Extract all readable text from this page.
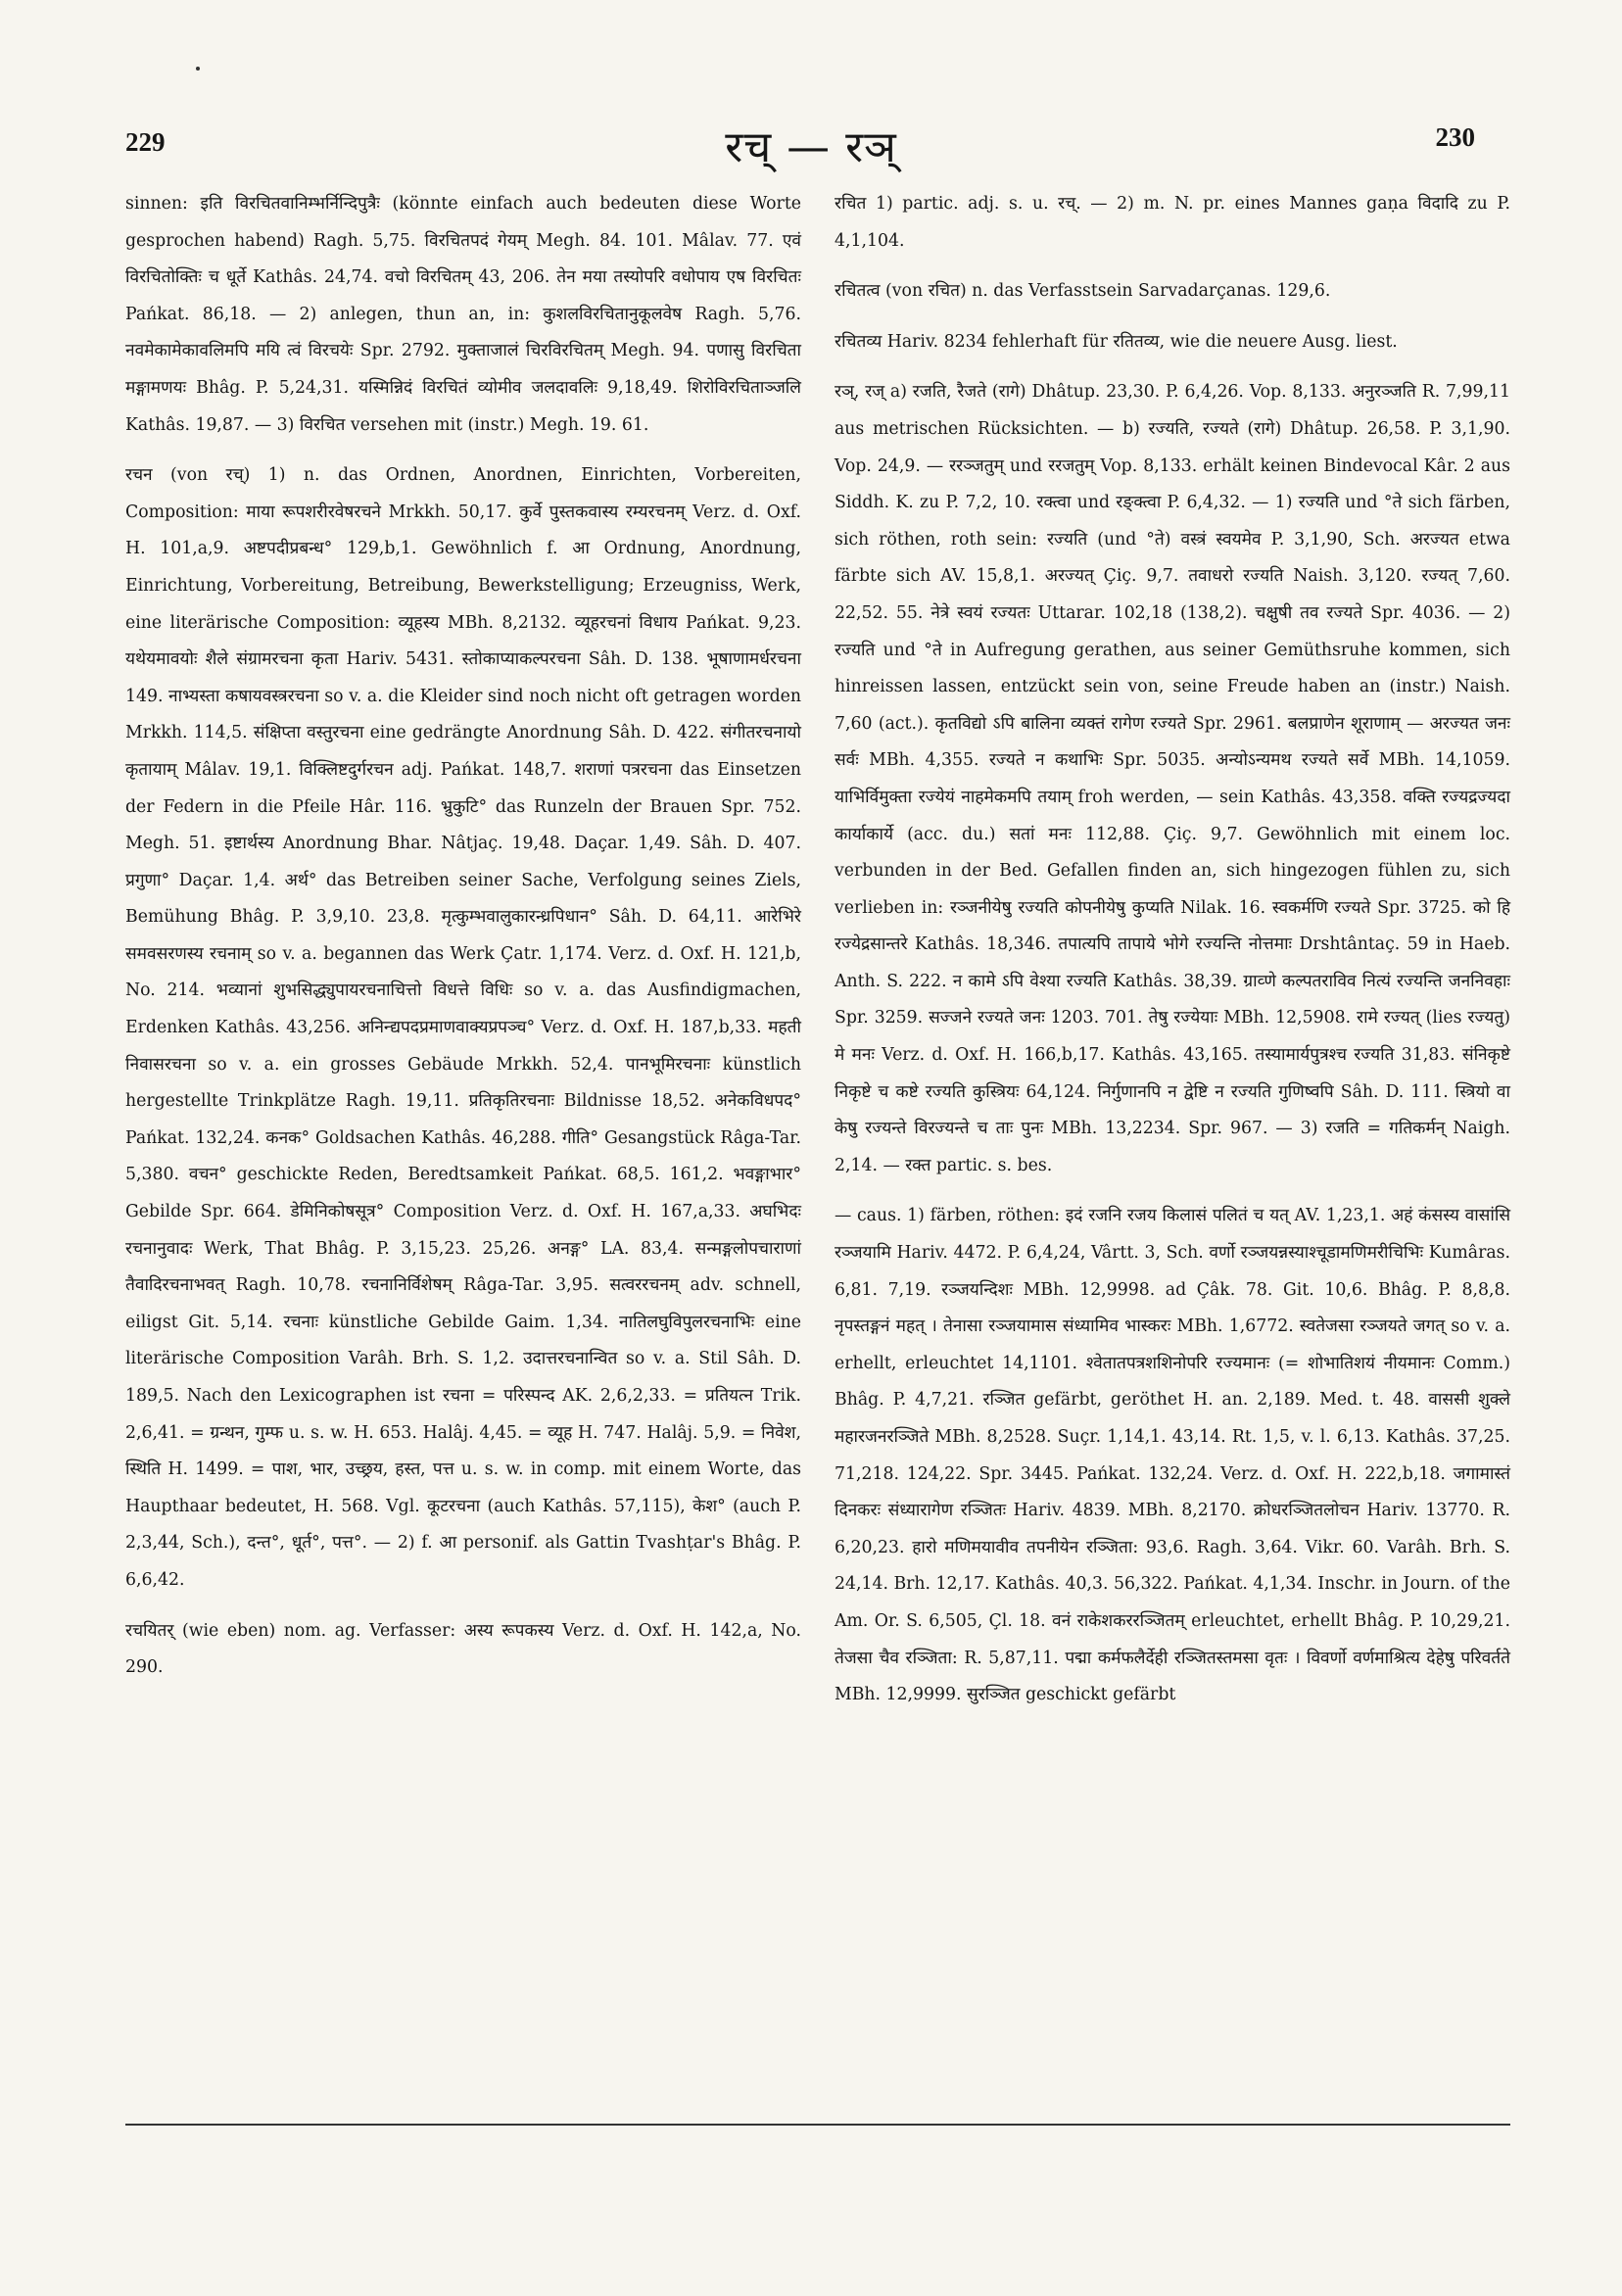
229	रच् — रञ्	230

sinnen: इति विरचितवानिम्भर्निन्दिपुत्रैः (könnte einfach auch bedeuten diese Worte gesprochen habend) Ragh. 5,75. विरचितपदं गेयम् Megh. 84. 101. Mâlav. 77. एवं विरचितोक्तिः च धूर्ते Kathâs. 24,74. वचो विरचितम् 43, 206. तेन मया तस्योपरि वधोपाय एष विरचितः Pańkat. 86,18. — 2) anlegen, thun an, in: कुशलविरचितानुकूलवेष Ragh. 5,76. नवमेकामेकावलिमपि मयि त्वं विरचयेः Spr. 2792. मुक्ताजालं चिरविरचितम् Megh. 94. पणासु विरचिता मङ्गामणयः Bhâg. P. 5,24,31. यस्मिन्निदं विरचितं व्योमीव जलदावलिः 9,18,49. शिरोविरचिताञ्जलि Kathâs. 19,87. — 3) विरचित versehen mit (instr.) Megh. 19. 61.

रचन (von रच्) 1) n. das Ordnen, Anordnen, Einrichten, Vorbereiten, Composition: माया रूपशरीरवेषरचने Mrkkh. 50,17. कुर्वे पुस्तकवास्य रम्यरचनम् Verz. d. Oxf. H. 101,a,9. अष्टपदीप्रबन्ध° 129,b,1. Gewöhnlich f. आ Ordnung, Anordnung, Einrichtung, Vorbereitung, Betreibung, Bewerkstelligung; Erzeugniss, Werk, eine literärische Composition: व्यूहस्य MBh. 8,2132. व्यूहरचनां विधाय Pańkat. 9,23. यथेयमावयोः शैले संग्रामरचना कृता Hariv. 5431. स्तोकाप्याकल्परचना Sâh. D. 138. भूषाणामर्धरचना 149. नाभ्यस्ता कषायवस्त्ररचना so v. a. die Kleider sind noch nicht oft getragen worden Mrkkh. 114,5. संक्षिप्ता वस्तुरचना eine gedrängte Anordnung Sâh. D. 422. संगीतरचनायो कृतायाम् Mâlav. 19,1. विक्लिष्टदुर्गरचन adj. Pańkat. 148,7. शराणां पत्ररचना das Einsetzen der Federn in die Pfeile Hâr. 116. भ्रुकुटि° das Runzeln der Brauen Spr. 752. Megh. 51. इष्टार्थस्य Anordnung Bhar. Nâtjaç. 19,48. Daçar. 1,49. Sâh. D. 407. प्रगुणा° Daçar. 1,4. अर्थ° das Betreiben seiner Sache, Verfolgung seines Ziels, Bemühung Bhâg. P. 3,9,10. 23,8. मृत्कुम्भवालुकारन्ध्रपिधान° Sâh. D. 64,11. आरेभिरे समवसरणस्य रचनाम् so v. a. begannen das Werk Çatr. 1,174. Verz. d. Oxf. H. 121,b, No. 214. भव्यानां शुभसिद्ध्युपायरचनाचित्तो विधत्ते विधिः so v. a. das Ausfindigmachen, Erdenken Kathâs. 43,256. अनिन्द्यपदप्रमाणवाक्यप्रपञ्च° Verz. d. Oxf. H. 187,b,33. महती निवासरचना so v. a. ein grosses Gebäude Mrkkh. 52,4. पानभूमिरचनाः künstlich hergestellte Trinkplätze Ragh. 19,11. प्रतिकृतिरचनाः Bildnisse 18,52. अनेकविधपद° Pańkat. 132,24. कनक° Goldsachen Kathâs. 46,288. गीति° Gesangstück Râga-Tar. 5,380. वचन° geschickte Reden, Beredtsamkeit Pańkat. 68,5. 161,2. भवङ्गाभार° Gebilde Spr. 664. डेमिनिकोषसूत्र° Composition Verz. d. Oxf. H. 167,a,33. अघभिदः रचनानुवादः Werk, That Bhâg. P. 3,15,23. 25,26. अनङ्ग° LA. 83,4. सन्मङ्गलोपचाराणां तैवादिरचनाभवत् Ragh. 10,78. रचनानिर्विशेषम् Râga-Tar. 3,95. सत्वररचनम् adv. schnell, eiligst Git. 5,14. रचनाः künstliche Gebilde Gaim. 1,34. नातिलघुविपुलरचनाभिः eine literärische Composition Varâh. Brh. S. 1,2. उदात्तरचनान्वित so v. a. Stil Sâh. D. 189,5. Nach den Lexicographen ist रचना = परिस्पन्द AK. 2,6,2,33. = प्रतियत्न Trik. 2,6,41. = ग्रन्थन, गुम्फ u. s. w. H. 653. Halâj. 4,45. = व्यूह H. 747. Halâj. 5,9. = निवेश, स्थिति H. 1499. = पाश, भार, उच्छ्रय, हस्त, पत्त u. s. w. in comp. mit einem Worte, das Haupthaar bedeutet, H. 568. Vgl. कूटरचना (auch Kathâs. 57,115), केश° (auch P. 2,3,44, Sch.), दन्त°, धूर्त°, पत्त°. — 2) f. आ personif. als Gattin Tvashṭar's Bhâg. P. 6,6,42.

रचयितर् (wie eben) nom. ag. Verfasser: अस्य रूपकस्य Verz. d. Oxf. H. 142,a, No. 290.

रचित 1) partic. adj. s. u. रच्. — 2) m. N. pr. eines Mannes gaṇa विदादि zu P. 4,1,104.

रचितत्व (von रचित) n. das Verfasstsein Sarvadarçanas. 129,6.

रचितव्य Hariv. 8234 fehlerhaft für रतितव्य, wie die neuere Ausg. liest.

रञ्, रज् a) रजति, रैजते (रागे) Dhâtup. 23,30. P. 6,4,26. Vop. 8,133. अनुरञ्जति R. 7,99,11 aus metrischen Rücksichten. — b) रज्यति, रज्यते (रागे) Dhâtup. 26,58. P. 3,1,90. Vop. 24,9. — ररञ्जतुम् und ररजतुम् Vop. 8,133. erhält keinen Bindevocal Kâr. 2 aus Siddh. K. zu P. 7,2, 10. रक्त्वा und रङ्क्त्वा P. 6,4,32. — 1) रज्यति und °ते sich färben, sich röthen, roth sein: रज्यति (und °ते) वस्त्रं स्वयमेव P. 3,1,90, Sch. अरज्यत etwa färbte sich AV. 15,8,1. अरज्यत् Çiç. 9,7. तवाधरो रज्यति Naish. 3,120. रज्यत् 7,60. 22,52. 55. नेत्रे स्वयं रज्यतः Uttarar. 102,18 (138,2). चक्षुषी तव रज्यते Spr. 4036. — 2) रज्यति und °ते in Aufregung gerathen, aus seiner Gemüthsruhe kommen, sich hinreissen lassen, entzückt sein von, seine Freude haben an (instr.) Naish. 7,60 (act.). कृतविद्यो ऽपि बालिना व्यक्तं रागेण रज्यते Spr. 2961. बलप्राणेन शूराणाम् — अरज्यत जनः सर्वः MBh. 4,355. रज्यते न कथाभिः Spr. 5035. अन्योऽन्यमथ रज्यते सर्वे MBh. 14,1059. याभिर्विमुक्ता रज्येयं नाहमेकमपि तयाम् froh werden, — sein Kathâs. 43,358. वक्ति रज्यद्रज्यदा कार्याकार्ये (acc. du.) सतां मनः 112,88. Çiç. 9,7. Gewöhnlich mit einem loc. verbunden in der Bed. Gefallen finden an, sich hingezogen fühlen zu, sich verlieben in: रञ्जनीयेषु रज्यति कोपनीयेषु कुप्यति Nilak. 16. स्वकर्मणि रज्यते Spr. 3725. को हि रज्येद्रसान्तरे Kathâs. 18,346. तपात्यपि तापाये भोगे रज्यन्ति नोत्तमाः Drshtântaç. 59 in Haeb. Anth. S. 222. न कामे ऽपि वेश्या रज्यति Kathâs. 38,39. ग्राव्णे कल्पतराविव नित्यं रज्यन्ति जननिवहाः Spr. 3259. सज्जने रज्यते जनः 1203. 701. तेषु रज्येयाः MBh. 12,5908. रामे रज्यत् (lies रज्यतु) मे मनः Verz. d. Oxf. H. 166,b,17. Kathâs. 43,165. तस्यामार्यपुत्रश्च रज्यति 31,83. संनिकृष्टे निकृष्टे च कष्टे रज्यति कुस्त्रियः 64,124. निर्गुणानपि न द्वेष्टि न रज्यति गुणिष्वपि Sâh. D. 111. स्त्रियो वा केषु रज्यन्ते विरज्यन्ते च ताः पुनः MBh. 13,2234. Spr. 967. — 3) रजति = गतिकर्मन् Naigh. 2,14. — रक्त partic. s. bes.

— caus. 1) färben, röthen: इदं रजनि रजय किलासं पलितं च यत् AV. 1,23,1. अहं कंसस्य वासांसि रञ्जयामि Hariv. 4472. P. 6,4,24, Vârtt. 3, Sch. वर्णो रञ्जयन्नस्याश्चूडामणिमरीचिभिः Kumâras. 6,81. 7,19. रञ्जयन्दिशः MBh. 12,9998. ad Çâk. 78. Git. 10,6. Bhâg. P. 8,8,8. नृपस्तङ्गनं महत् । तेनासा रञ्जयामास संध्यामिव भास्करः MBh. 1,6772. स्वतेजसा रञ्जयते जगत् so v. a. erhellt, erleuchtet 14,1101. श्वेतातपत्रशशिनोपरि रज्यमानः (= शोभातिशयं नीयमानः Comm.) Bhâg. P. 4,7,21. रञ्जित gefärbt, geröthet H. an. 2,189. Med. t. 48. वाससी शुक्ले महारजनरञ्जिते MBh. 8,2528. Suçr. 1,14,1. 43,14. Rt. 1,5, v. l. 6,13. Kathâs. 37,25. 71,218. 124,22. Spr. 3445. Pańkat. 132,24. Verz. d. Oxf. H. 222,b,18. जगामास्तं दिनकरः संध्यारागेण रञ्जितः Hariv. 4839. MBh. 8,2170. क्रोधरञ्जितलोचन Hariv. 13770. R. 6,20,23. हारो मणिमयावीव तपनीयेन रञ्जिता: 93,6. Ragh. 3,64. Vikr. 60. Varâh. Brh. S. 24,14. Brh. 12,17. Kathâs. 40,3. 56,322. Pańkat. 4,1,34. Inschr. in Journ. of the Am. Or. S. 6,505, Çl. 18. वनं राकेशकररञ्जितम् erleuchtet, erhellt Bhâg. P. 10,29,21. तेजसा चैव रञ्जिता: R. 5,87,11. पद्मा कर्मफलैर्देही रञ्जितस्तमसा वृतः । विवर्णो वर्णमाश्रित्य देहेषु परिवर्तते MBh. 12,9999. सुरञ्जित geschickt gefärbt
